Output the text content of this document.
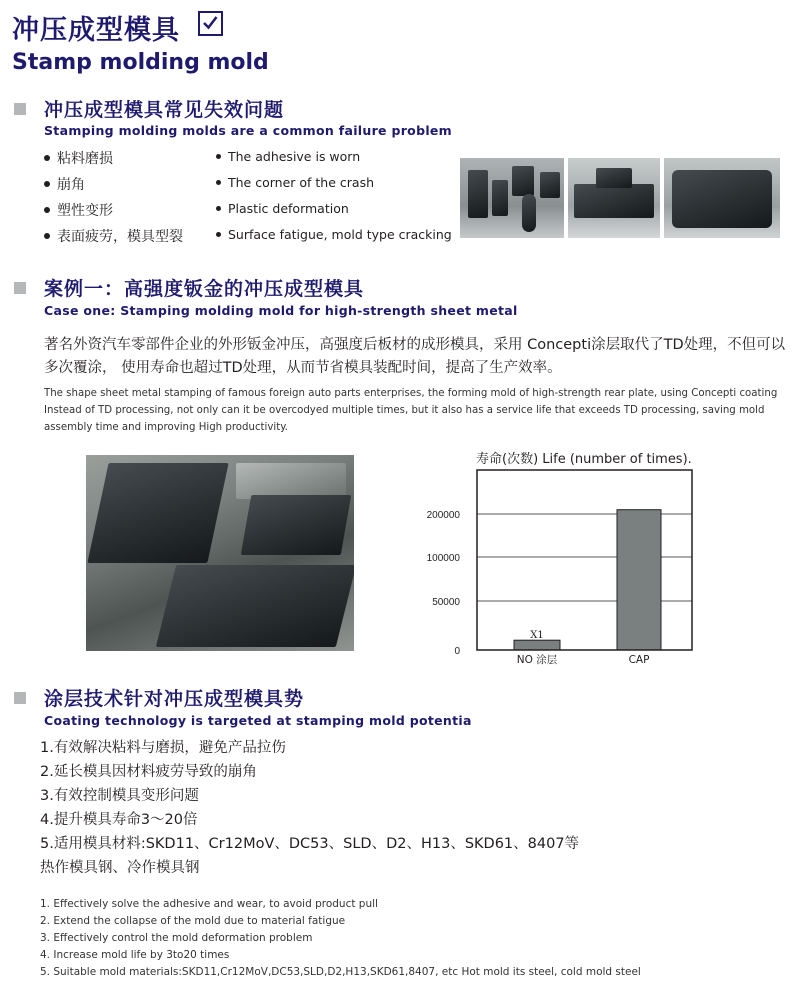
冲压成型模具
Stamp molding mold
冲压成型模具常见失效问题
Stamping molding molds are a common failure problem
粘料磨损
崩角
塑性变形
表面疲劳，模具型裂
The adhesive is worn
The corner of the crash
Plastic deformation
Surface fatigue, mold type cracking
案例一：高强度钣金的冲压成型模具
Case one: Stamping molding mold for high-strength sheet metal
著名外资汽车零部件企业的外形钣金冲压，高强度后板材的成形模具，采用 Concepti涂层取代了TD处理，不但可以多次覆涂， 使用寿命也超过TD处理，从而节省模具装配时间，提高了生产效率。
The shape sheet metal stamping of famous foreign auto parts enterprises, the forming mold of high-strength rear plate, using Concepti coating Instead of TD processing, not only can it be overcodyed multiple times, but it also has a service life that exceeds TD processing, saving mold assembly time and improving High productivity.
寿命(次数) Life (number of times).
X1
0
50000
100000
200000
NO 涂层	CAP
涂层技术针对冲压成型模具势
Coating technology is targeted at stamping mold potentia
1.有效解决粘料与磨损，避免产品拉伤
2.延长模具因材料疲劳导致的崩角
3.有效控制模具变形问题
4.提升模具寿命3～20倍
5.适用模具材料:SKD11、Cr12MoV、DC53、SLD、D2、H13、SKD61、8407等
热作模具钢、冷作模具钢
1. Effectively solve the adhesive and wear, to avoid product pull
2. Extend the collapse of the mold due to material fatigue
3. Effectively control the mold deformation problem
4. Increase mold life by 3to20 times
5. Suitable mold materials:SKD11,Cr12MoV,DC53,SLD,D2,H13,SKD61,8407, etc Hot mold its steel, cold mold steel
